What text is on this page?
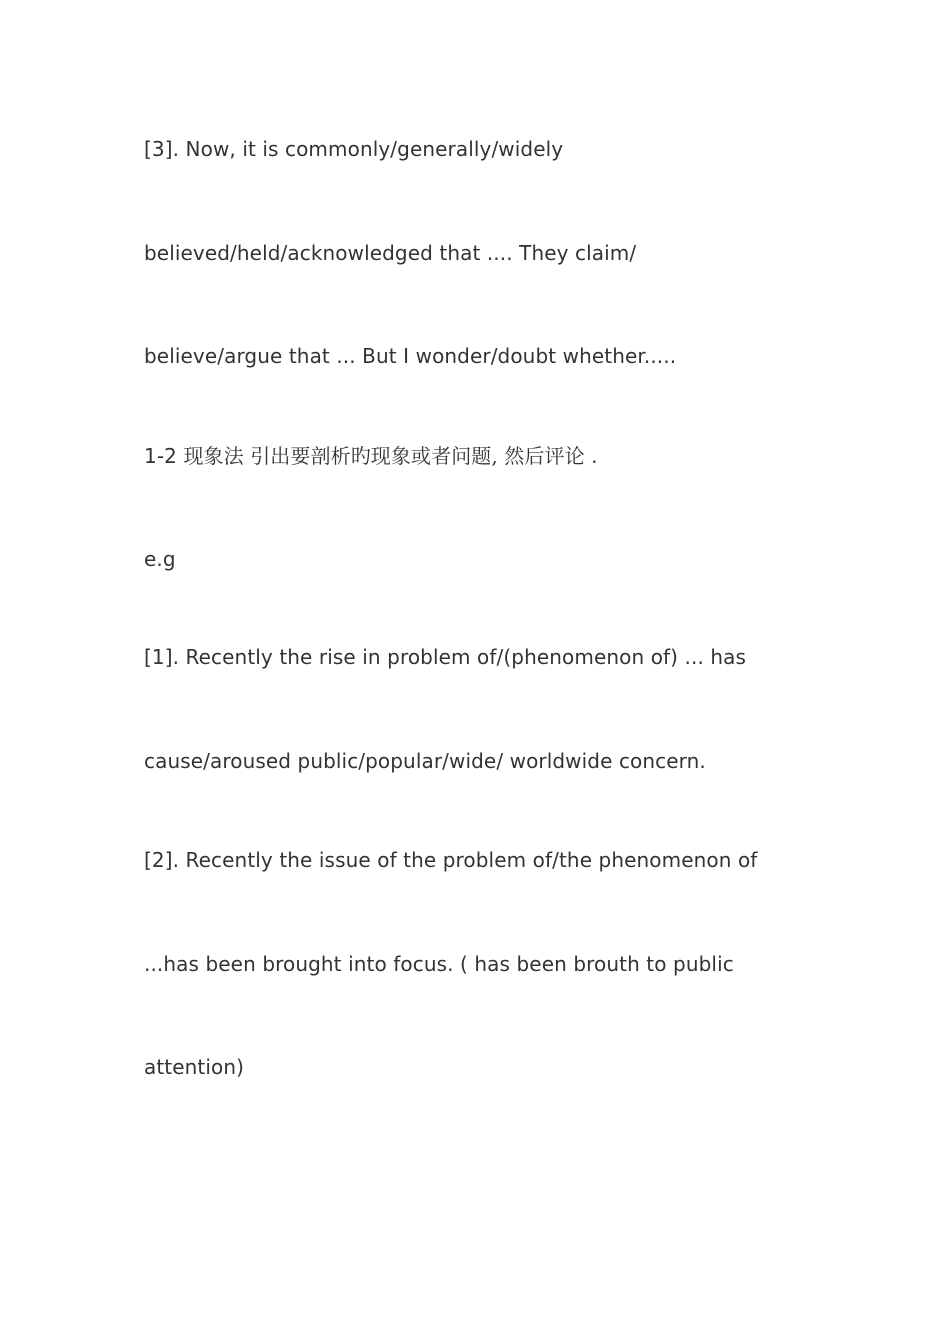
[3]. Now, it is commonly/generally/widely

believed/held/acknowledged that .... They claim/

believe/argue that ... But I wonder/doubt whether.....

1-2 现象法 引出要剖析旳现象或者问题, 然后评论 .

e.g

[1]. Recently the rise in problem of/(phenomenon of) ... has

cause/aroused public/popular/wide/ worldwide concern.

[2]. Recently the issue of the problem of/the phenomenon of

...has been brought into focus. ( has been brouth to public

attention)
